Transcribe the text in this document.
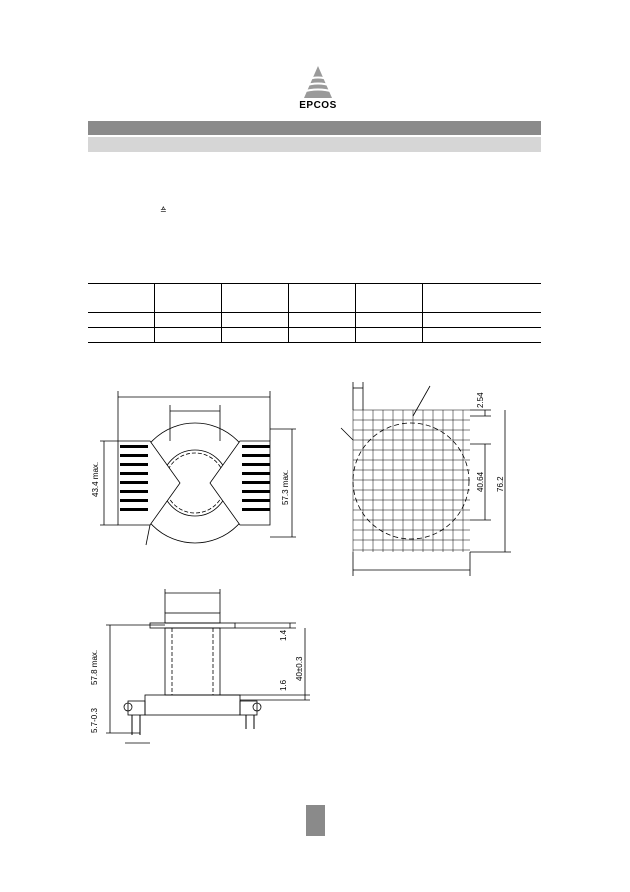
EPCOS
≙

43.4 max.	57.3 max.
2.54
40.64 76.2
57.8 max.
1.4
40±0.3
1.6
5.7-0.3
